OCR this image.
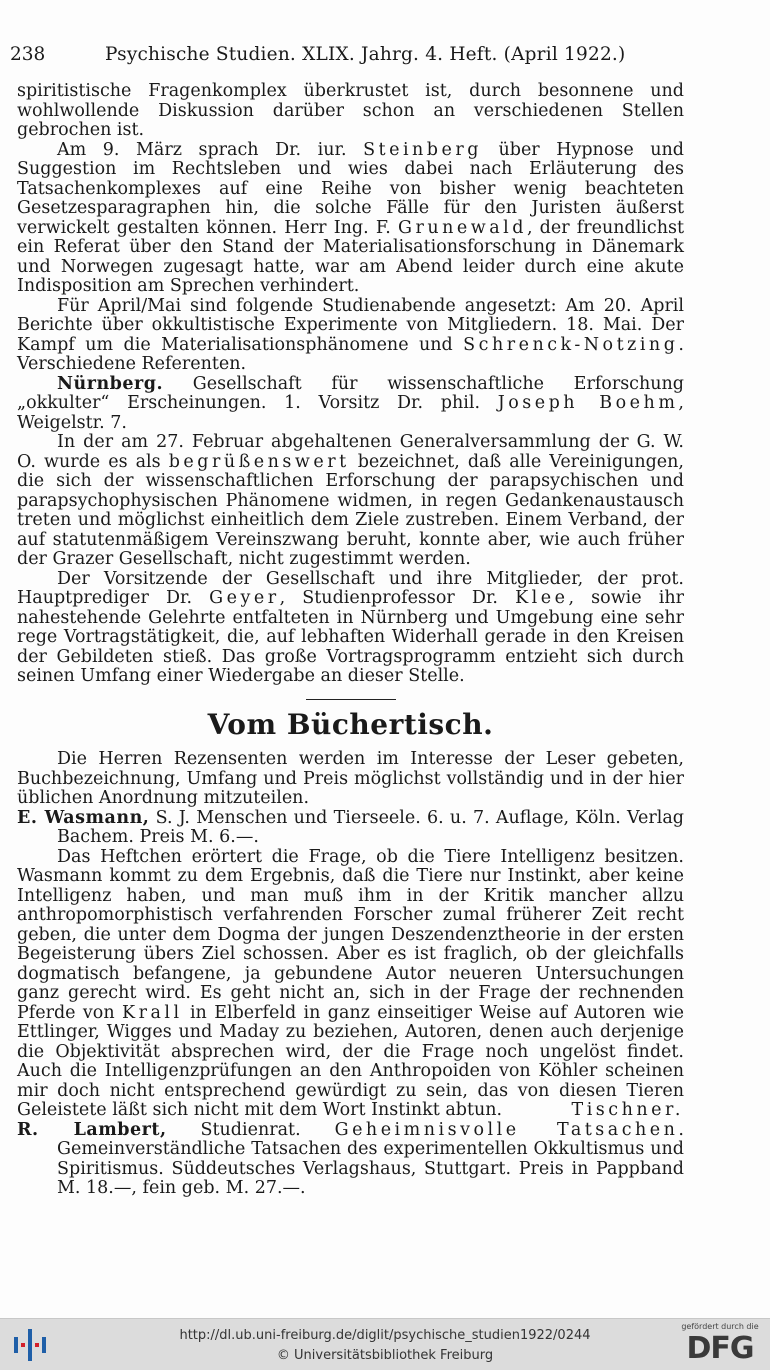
238	Psychische Studien. XLIX. Jahrg. 4. Heft. (April 1922.)

spiritistische Fragenkomplex überkrustet ist, durch besonnene und wohlwollende Diskussion darüber schon an verschiedenen Stellen gebrochen ist.

Am 9. März sprach Dr. iur. Steinberg über Hypnose und Suggestion im Rechtsleben und wies dabei nach Erläuterung des Tatsachenkomplexes auf eine Reihe von bisher wenig beachteten Gesetzesparagraphen hin, die solche Fälle für den Juristen äußerst verwickelt gestalten können. Herr Ing. F. Grunewald, der freundlichst ein Referat über den Stand der Materialisationsforschung in Dänemark und Norwegen zugesagt hatte, war am Abend leider durch eine akute Indisposition am Sprechen verhindert.

Für April/Mai sind folgende Studienabende angesetzt: Am 20. April Berichte über okkultistische Experimente von Mitgliedern. 18. Mai. Der Kampf um die Materialisationsphänomene und Schrenck-Notzing. Verschiedene Referenten.

Nürnberg. Gesellschaft für wissenschaftliche Erforschung „okkulter“ Erscheinungen. 1. Vorsitz Dr. phil. Joseph Boehm, Weigelstr. 7.

In der am 27. Februar abgehaltenen Generalversammlung der G. W. O. wurde es als begrüßenswert bezeichnet, daß alle Vereinigungen, die sich der wissenschaftlichen Erforschung der parapsychischen und parapsychophysischen Phänomene widmen, in regen Gedankenaustausch treten und möglichst einheitlich dem Ziele zustreben. Einem Verband, der auf statutenmäßigem Vereinszwang beruht, konnte aber, wie auch früher der Grazer Gesellschaft, nicht zugestimmt werden.

Der Vorsitzende der Gesellschaft und ihre Mitglieder, der prot. Hauptprediger Dr. Geyer, Studienprofessor Dr. Klee, sowie ihr nahestehende Gelehrte entfalteten in Nürnberg und Umgebung eine sehr rege Vortragstätigkeit, die, auf lebhaften Widerhall gerade in den Kreisen der Gebildeten stieß. Das große Vortragsprogramm entzieht sich durch seinen Umfang einer Wiedergabe an dieser Stelle.

Vom Büchertisch.

Die Herren Rezensenten werden im Interesse der Leser gebeten, Buchbezeichnung, Umfang und Preis möglichst vollständig und in der hier üblichen Anordnung mitzuteilen.

E. Wasmann, S. J. Menschen und Tierseele. 6. u. 7. Auflage, Köln. Verlag Bachem. Preis M. 6.—.

Das Heftchen erörtert die Frage, ob die Tiere Intelligenz besitzen. Wasmann kommt zu dem Ergebnis, daß die Tiere nur Instinkt, aber keine Intelligenz haben, und man muß ihm in der Kritik mancher allzu anthropomorphistisch verfahrenden Forscher zumal früherer Zeit recht geben, die unter dem Dogma der jungen Deszendenztheorie in der ersten Begeisterung übers Ziel schossen. Aber es ist fraglich, ob der gleichfalls dogmatisch befangene, ja gebundene Autor neueren Untersuchungen ganz gerecht wird. Es geht nicht an, sich in der Frage der rechnenden Pferde von Krall in Elberfeld in ganz einseitiger Weise auf Autoren wie Ettlinger, Wigges und Maday zu beziehen, Autoren, denen auch derjenige die Objektivität absprechen wird, der die Frage noch ungelöst findet. Auch die Intelligenzprüfungen an den Anthropoiden von Köhler scheinen mir doch nicht entsprechend gewürdigt zu sein, das von diesen Tieren Geleistete läßt sich nicht mit dem Wort Instinkt abtun.	Tischner.

R. Lambert, Studienrat. Geheimnisvolle Tatsachen. Gemeinverständliche Tatsachen des experimentellen Okkultismus und Spiritismus. Süddeutsches Verlagshaus, Stuttgart. Preis in Pappband M. 18.—, fein geb. M. 27.—.

http://dl.ub.uni-freiburg.de/diglit/psychische_studien1922/0244
© Universitätsbibliothek Freiburg
gefördert durch die
DFG
